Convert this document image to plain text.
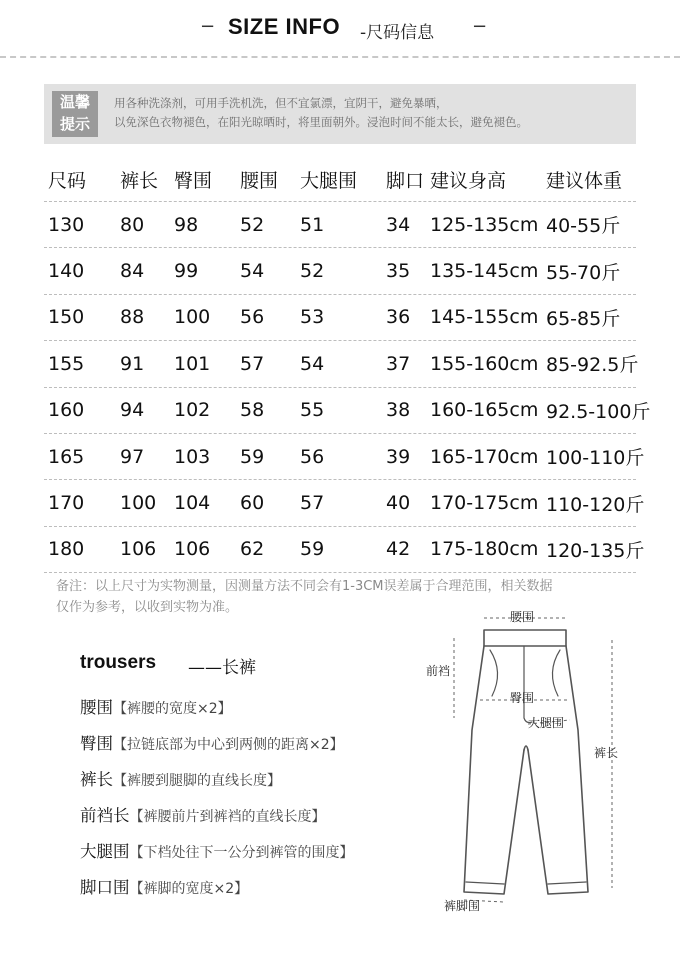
− SIZE INFO -尺码信息 −
温馨
提示
用各种洗涤剂，可用手洗机洗，但不宜氯漂，宜阴干，避免暴晒，
以免深色衣物褪色，在阳光晾晒时，将里面朝外。浸泡时间不能太长，避免褪色。
尺码 裤长 臀围 腰围 大腿围 脚口 建议身高 建议体重
130 80 98 52 51	34 125-135cm 40-55斤
140 84 99 54 52	35 135-145cm 55-70斤
150 88 100 56 53	36 145-155cm 65-85斤
155 91 101 57 54	37 155-160cm 85-92.5斤
160 94 102 58 55	38 160-165cm 92.5-100斤
165 97 103 59 56	39 165-170cm 100-110斤
170 100 104 60 57	40 170-175cm 110-120斤
180 106 106 62 59	42 175-180cm 120-135斤
备注：以上尺寸为实物测量，因测量方法不同会有1-3CM误差属于合理范围，相关数据
仅作为参考，以收到实物为准。
trousers ——长裤
腰围【裤腰的宽度×2】
臀围【拉链底部为中心到两侧的距离×2】
裤长【裤腰到腿脚的直线长度】
前裆长【裤腰前片到裤裆的直线长度】
大腿围【下档处往下一公分到裤管的围度】
脚口围【裤脚的宽度×2】
腰围
前裆
臀围
大腿围
裤长
裤脚围
